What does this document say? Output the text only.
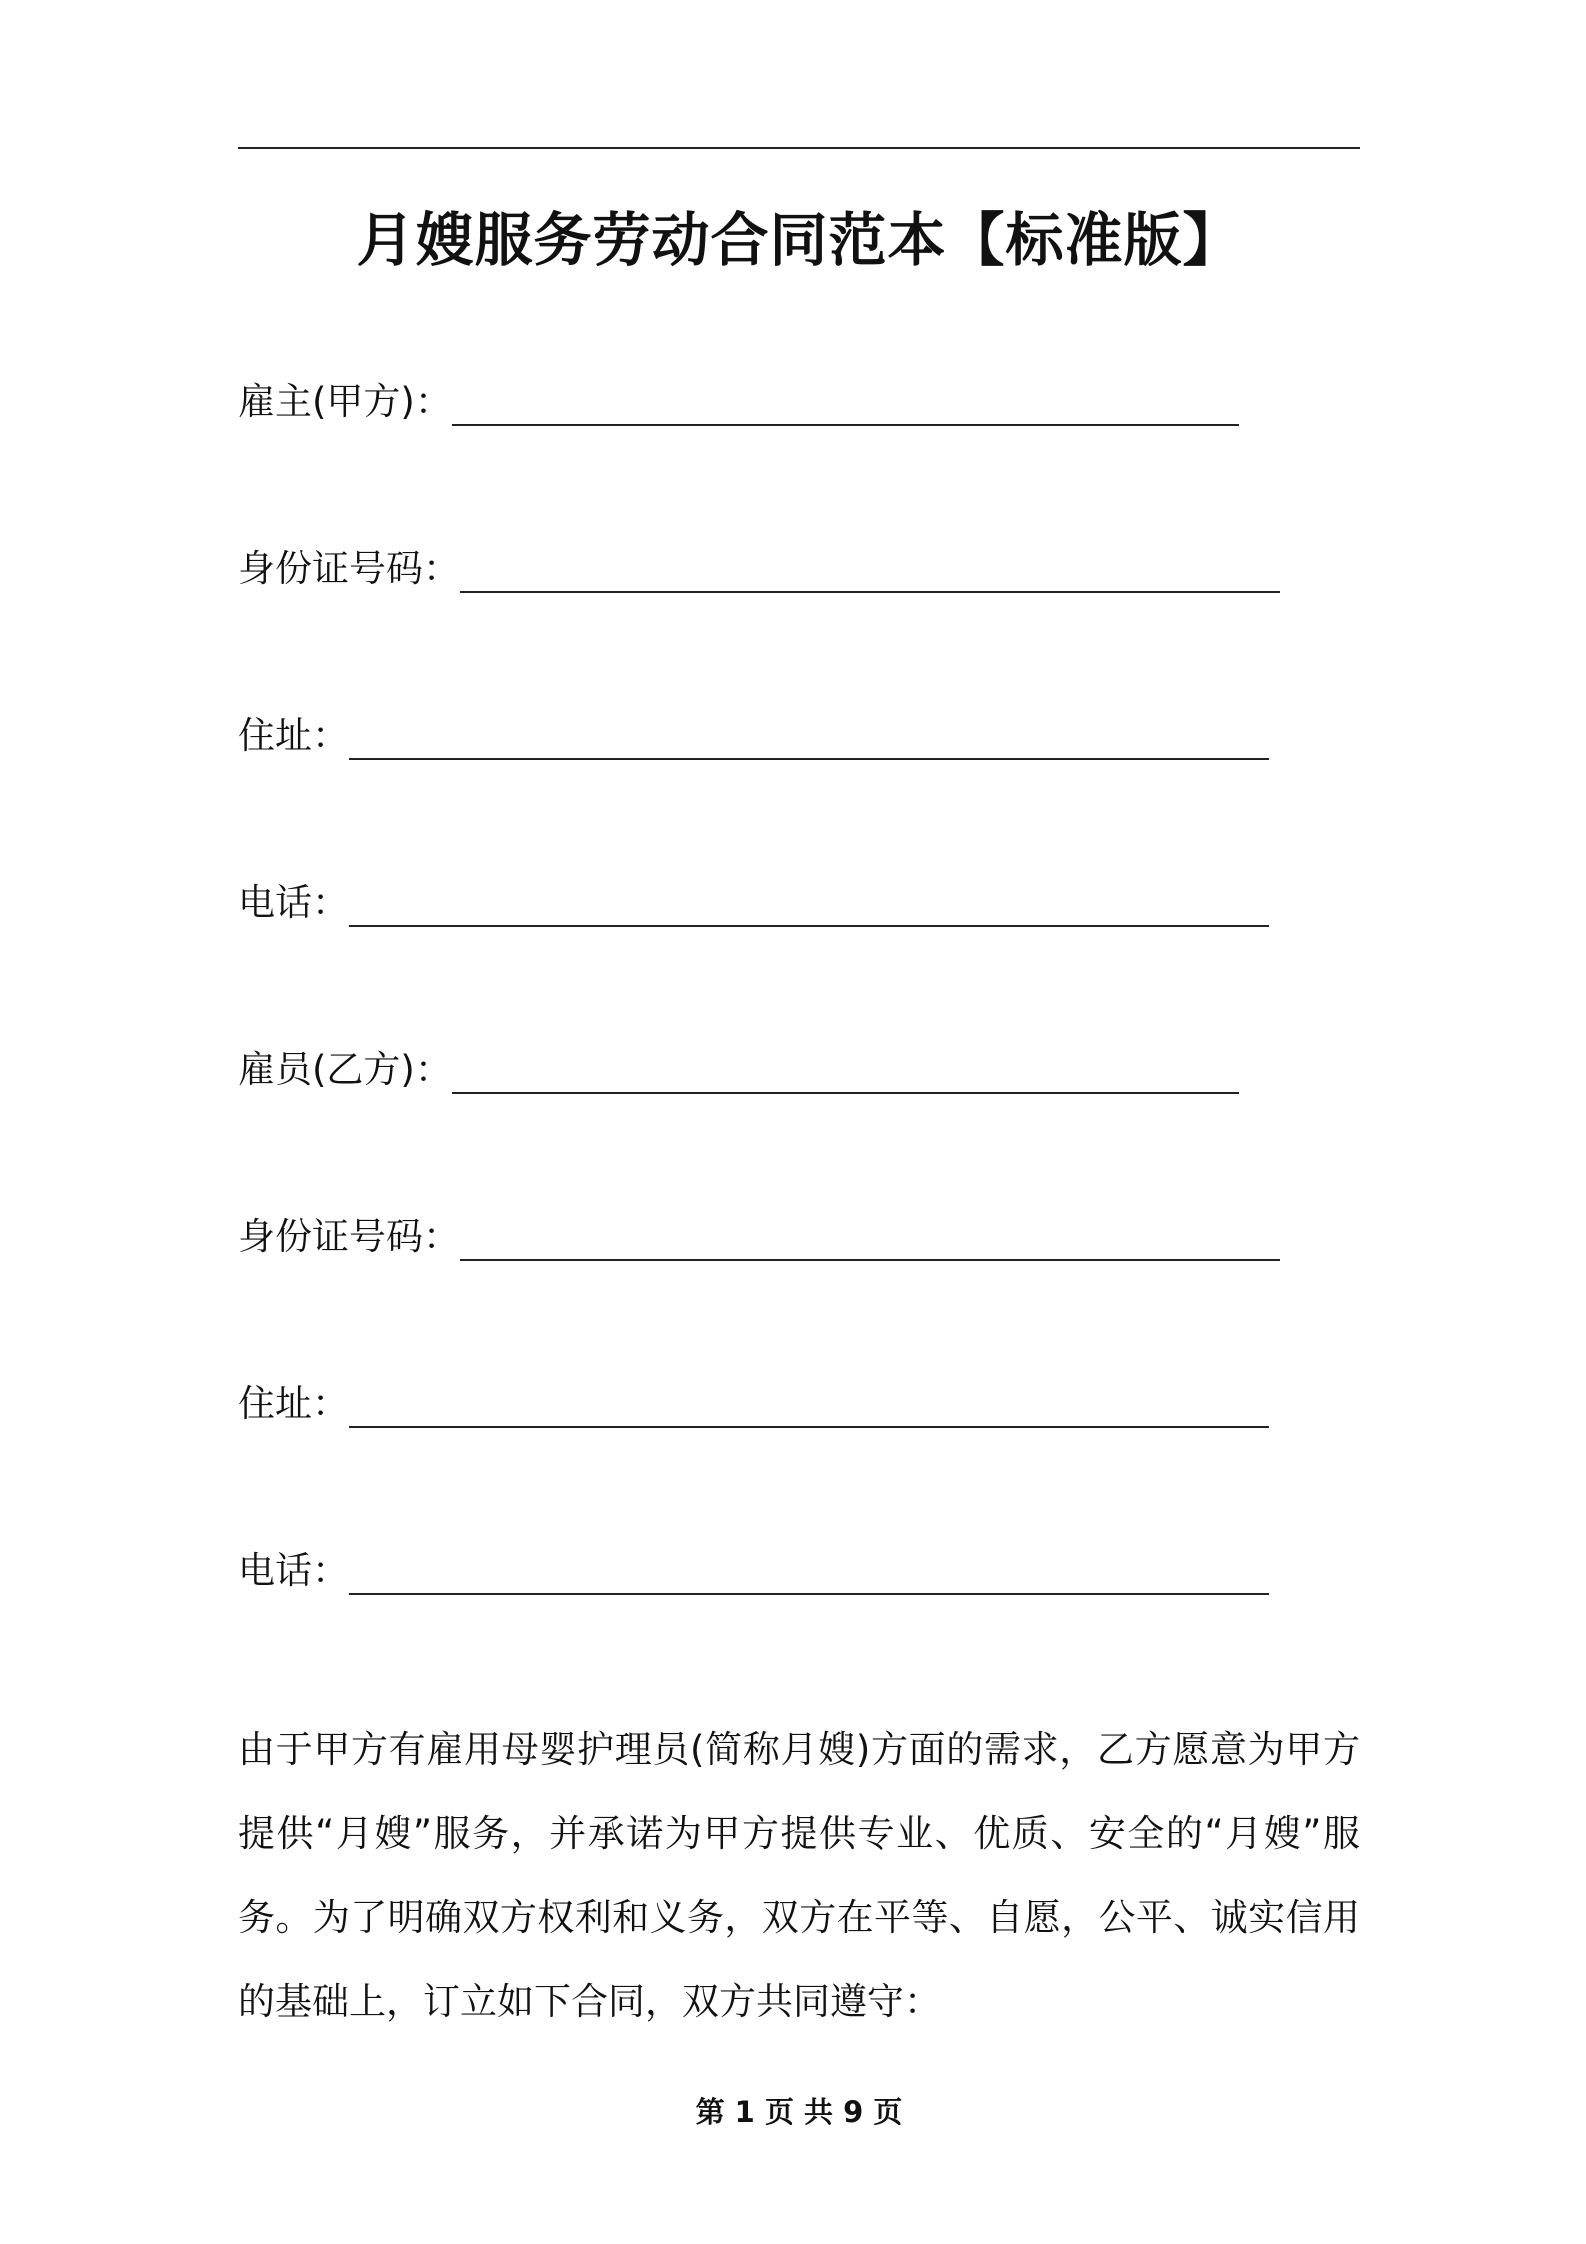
月嫂服务劳动合同范本【标准版】
雇主(甲方)：
身份证号码：
住址：
电话：
雇员(乙方)：
身份证号码：
住址：
电话：

由于甲方有雇用母婴护理员(简称月嫂)方面的需求，乙方愿意为甲方提供“月嫂”服务，并承诺为甲方提供专业、优质、安全的“月嫂”服务。为了明确双方权利和义务，双方在平等、自愿，公平、诚实信用的基础上，订立如下合同，双方共同遵守：

第 1 页 共 9 页
